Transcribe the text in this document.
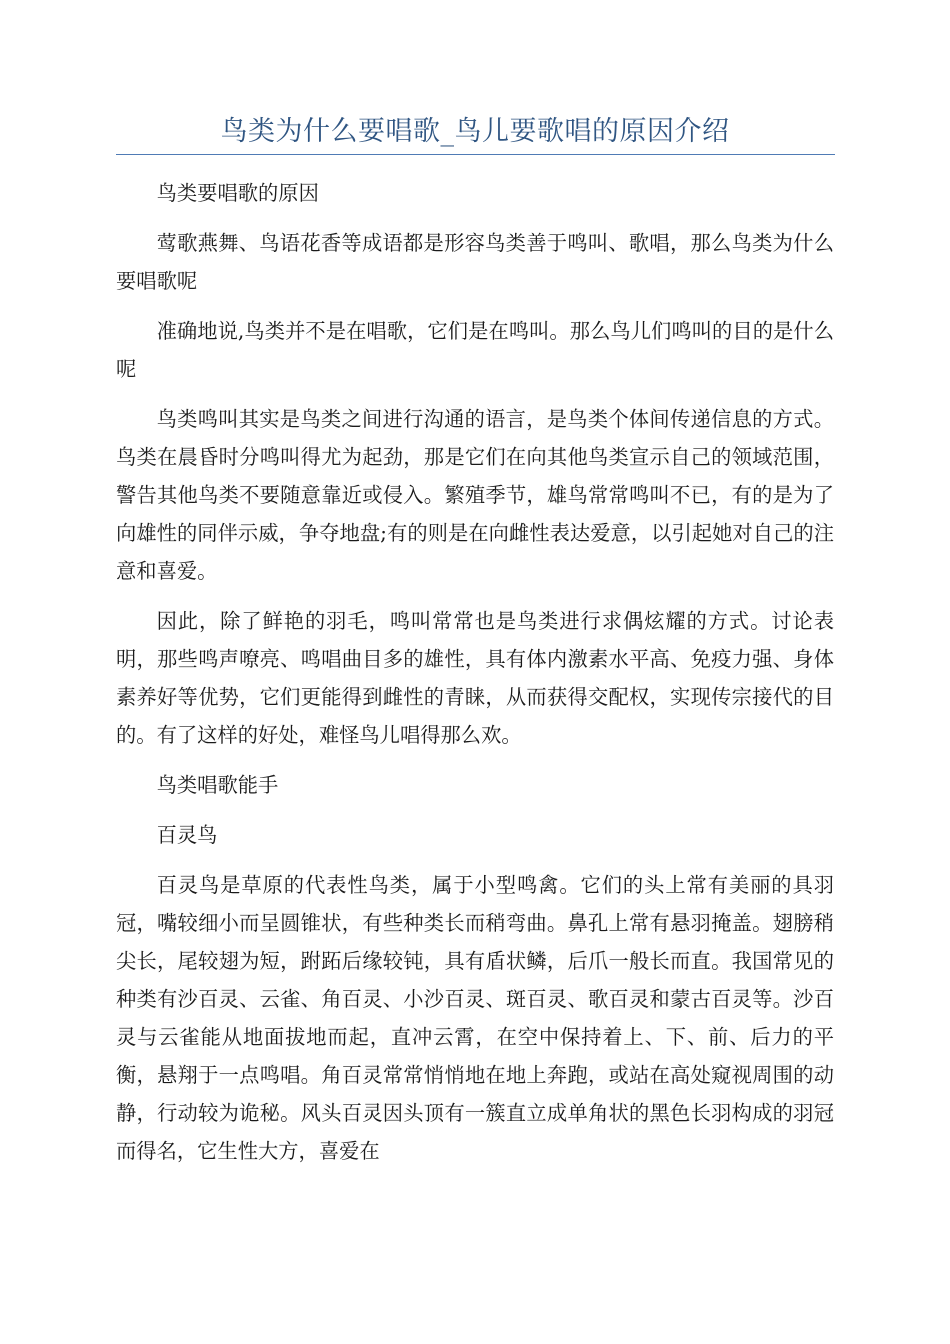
鸟类为什么要唱歌_鸟儿要歌唱的原因介绍

鸟类要唱歌的原因

莺歌燕舞、鸟语花香等成语都是形容鸟类善于鸣叫、歌唱，那么鸟类为什么要唱歌呢

准确地说,鸟类并不是在唱歌，它们是在鸣叫。那么鸟儿们鸣叫的目的是什么呢

鸟类鸣叫其实是鸟类之间进行沟通的语言，是鸟类个体间传递信息的方式。鸟类在晨昏时分鸣叫得尤为起劲，那是它们在向其他鸟类宣示自己的领域范围，警告其他鸟类不要随意靠近或侵入。繁殖季节，雄鸟常常鸣叫不已，有的是为了向雄性的同伴示威，争夺地盘;有的则是在向雌性表达爱意，以引起她对自己的注意和喜爱。

因此，除了鲜艳的羽毛，鸣叫常常也是鸟类进行求偶炫耀的方式。讨论表明，那些鸣声嘹亮、鸣唱曲目多的雄性，具有体内激素水平高、免疫力强、身体素养好等优势，它们更能得到雌性的青睐，从而获得交配权，实现传宗接代的目的。有了这样的好处，难怪鸟儿唱得那么欢。

鸟类唱歌能手

百灵鸟

百灵鸟是草原的代表性鸟类，属于小型鸣禽。它们的头上常有美丽的具羽冠，嘴较细小而呈圆锥状，有些种类长而稍弯曲。鼻孔上常有悬羽掩盖。翅膀稍尖长，尾较翅为短，跗跖后缘较钝，具有盾状鳞，后爪一般长而直。我国常见的种类有沙百灵、云雀、角百灵、小沙百灵、斑百灵、歌百灵和蒙古百灵等。沙百灵与云雀能从地面拔地而起，直冲云霄，在空中保持着上、下、前、后力的平衡，悬翔于一点鸣唱。角百灵常常悄悄地在地上奔跑，或站在高处窥视周围的动静，行动较为诡秘。风头百灵因头顶有一簇直立成单角状的黑色长羽构成的羽冠而得名，它生性大方，喜爱在
